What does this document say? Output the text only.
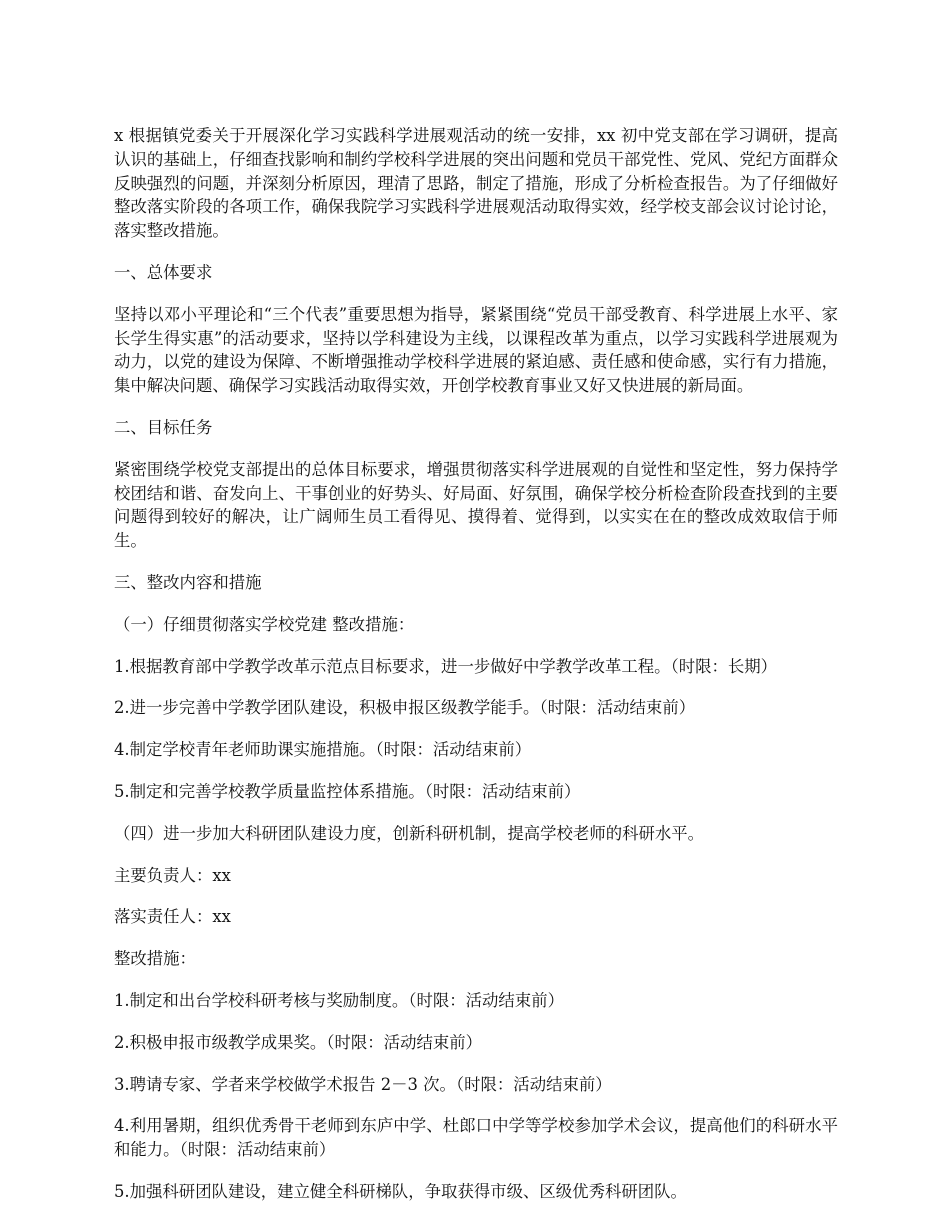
x 根据镇党委关于开展深化学习实践科学进展观活动的统一安排，xx 初中党支部在学习调研，提高认识的基础上，仔细查找影响和制约学校科学进展的突出问题和党员干部党性、党风、党纪方面群众反映强烈的问题，并深刻分析原因，理清了思路，制定了措施，形成了分析检查报告。为了仔细做好整改落实阶段的各项工作，确保我院学习实践科学进展观活动取得实效，经学校支部会议讨论讨论，落实整改措施。

一、总体要求

坚持以邓小平理论和“三个代表”重要思想为指导，紧紧围绕“党员干部受教育、科学进展上水平、家长学生得实惠”的活动要求，坚持以学科建设为主线，以课程改革为重点，以学习实践科学进展观为动力，以党的建设为保障、不断增强推动学校科学进展的紧迫感、责任感和使命感，实行有力措施，集中解决问题、确保学习实践活动取得实效，开创学校教育事业又好又快进展的新局面。

二、目标任务

紧密围绕学校党支部提出的总体目标要求，增强贯彻落实科学进展观的自觉性和坚定性，努力保持学校团结和谐、奋发向上、干事创业的好势头、好局面、好氛围，确保学校分析检查阶段查找到的主要问题得到较好的解决，让广阔师生员工看得见、摸得着、觉得到，以实实在在的整改成效取信于师生。

三、整改内容和措施

（一）仔细贯彻落实学校党建 整改措施：

1.根据教育部中学教学改革示范点目标要求，进一步做好中学教学改革工程。（时限：长期）

2.进一步完善中学教学团队建设，积极申报区级教学能手。（时限：活动结束前）

4.制定学校青年老师助课实施措施。（时限：活动结束前）

5.制定和完善学校教学质量监控体系措施。（时限：活动结束前）

（四）进一步加大科研团队建设力度，创新科研机制，提高学校老师的科研水平。

主要负责人：xx

落实责任人：xx

整改措施：

1.制定和出台学校科研考核与奖励制度。（时限：活动结束前）

2.积极申报市级教学成果奖。（时限：活动结束前）

3.聘请专家、学者来学校做学术报告 2－3 次。（时限：活动结束前）

4.利用暑期，组织优秀骨干老师到东庐中学、杜郎口中学等学校参加学术会议，提高他们的科研水平和能力。（时限：活动结束前）

5.加强科研团队建设，建立健全科研梯队，争取获得市级、区级优秀科研团队。
